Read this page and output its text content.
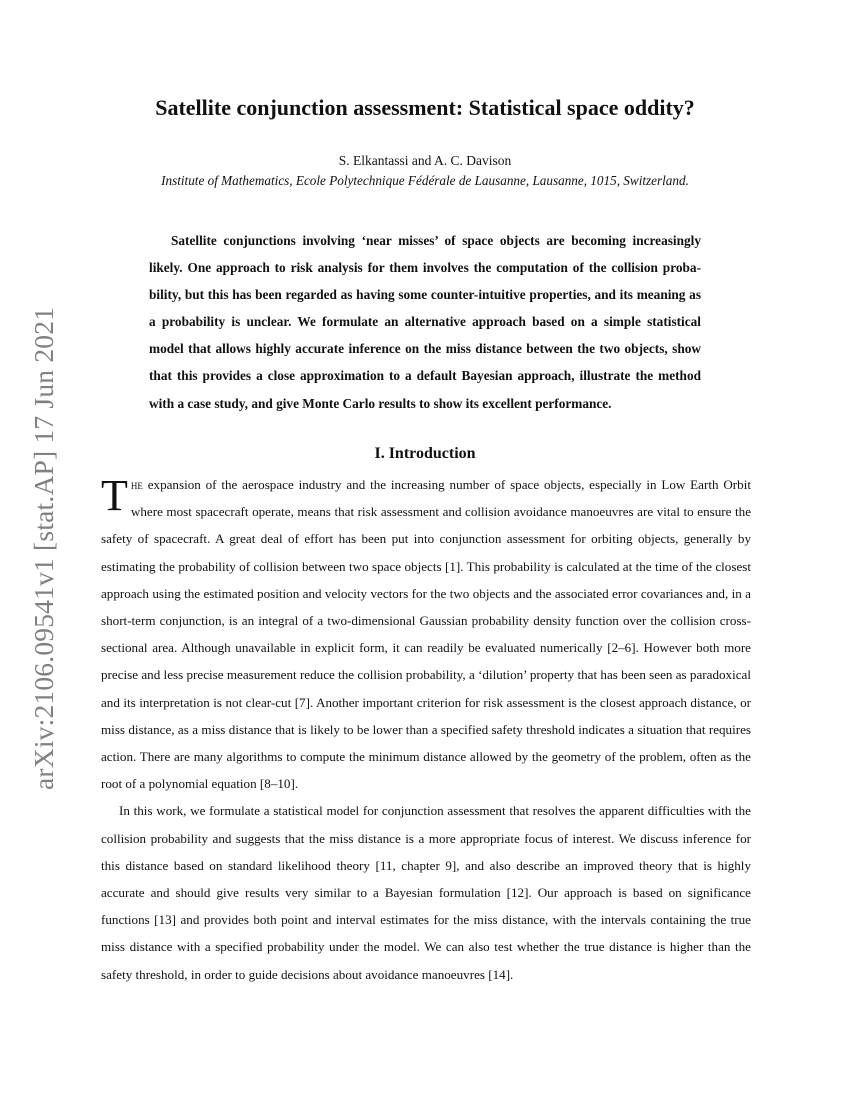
arXiv:2106.09541v1 [stat.AP] 17 Jun 2021
Satellite conjunction assessment: Statistical space oddity?
S. Elkantassi and A. C. Davison
Institute of Mathematics, Ecole Polytechnique Fédérale de Lausanne, Lausanne, 1015, Switzerland.

Satellite conjunctions involving ‘near misses’ of space objects are becoming increasingly likely. One approach to risk analysis for them involves the computation of the collision probability, but this has been regarded as having some counter-intuitive properties, and its meaning as a probability is unclear. We formulate an alternative approach based on a simple statistical model that allows highly accurate inference on the miss distance between the two objects, show that this provides a close approximation to a default Bayesian approach, illustrate the method with a case study, and give Monte Carlo results to show its excellent performance.

I. Introduction

The expansion of the aerospace industry and the increasing number of space objects, especially in Low Earth Orbit where most spacecraft operate, means that risk assessment and collision avoidance manoeuvres are vital to ensure the safety of spacecraft. A great deal of effort has been put into conjunction assessment for orbiting objects, generally by estimating the probability of collision between two space objects [1]. This probability is calculated at the time of the closest approach using the estimated position and velocity vectors for the two objects and the associated error covariances and, in a short-term conjunction, is an integral of a two-dimensional Gaussian probability density function over the collision cross-sectional area. Although unavailable in explicit form, it can readily be evaluated numerically [2–6]. However both more precise and less precise measurement reduce the collision probability, a ‘dilution’ property that has been seen as paradoxical and its interpretation is not clear-cut [7]. Another important criterion for risk assessment is the closest approach distance, or miss distance, as a miss distance that is likely to be lower than a specified safety threshold indicates a situation that requires action. There are many algorithms to compute the minimum distance allowed by the geometry of the problem, often as the root of a polynomial equation [8–10].

In this work, we formulate a statistical model for conjunction assessment that resolves the apparent difficulties with the collision probability and suggests that the miss distance is a more appropriate focus of interest. We discuss inference for this distance based on standard likelihood theory [11, chapter 9], and also describe an improved theory that is highly accurate and should give results very similar to a Bayesian formulation [12]. Our approach is based on significance functions [13] and provides both point and interval estimates for the miss distance, with the intervals containing the true miss distance with a specified probability under the model. We can also test whether the true distance is higher than the safety threshold, in order to guide decisions about avoidance manoeuvres [14].
